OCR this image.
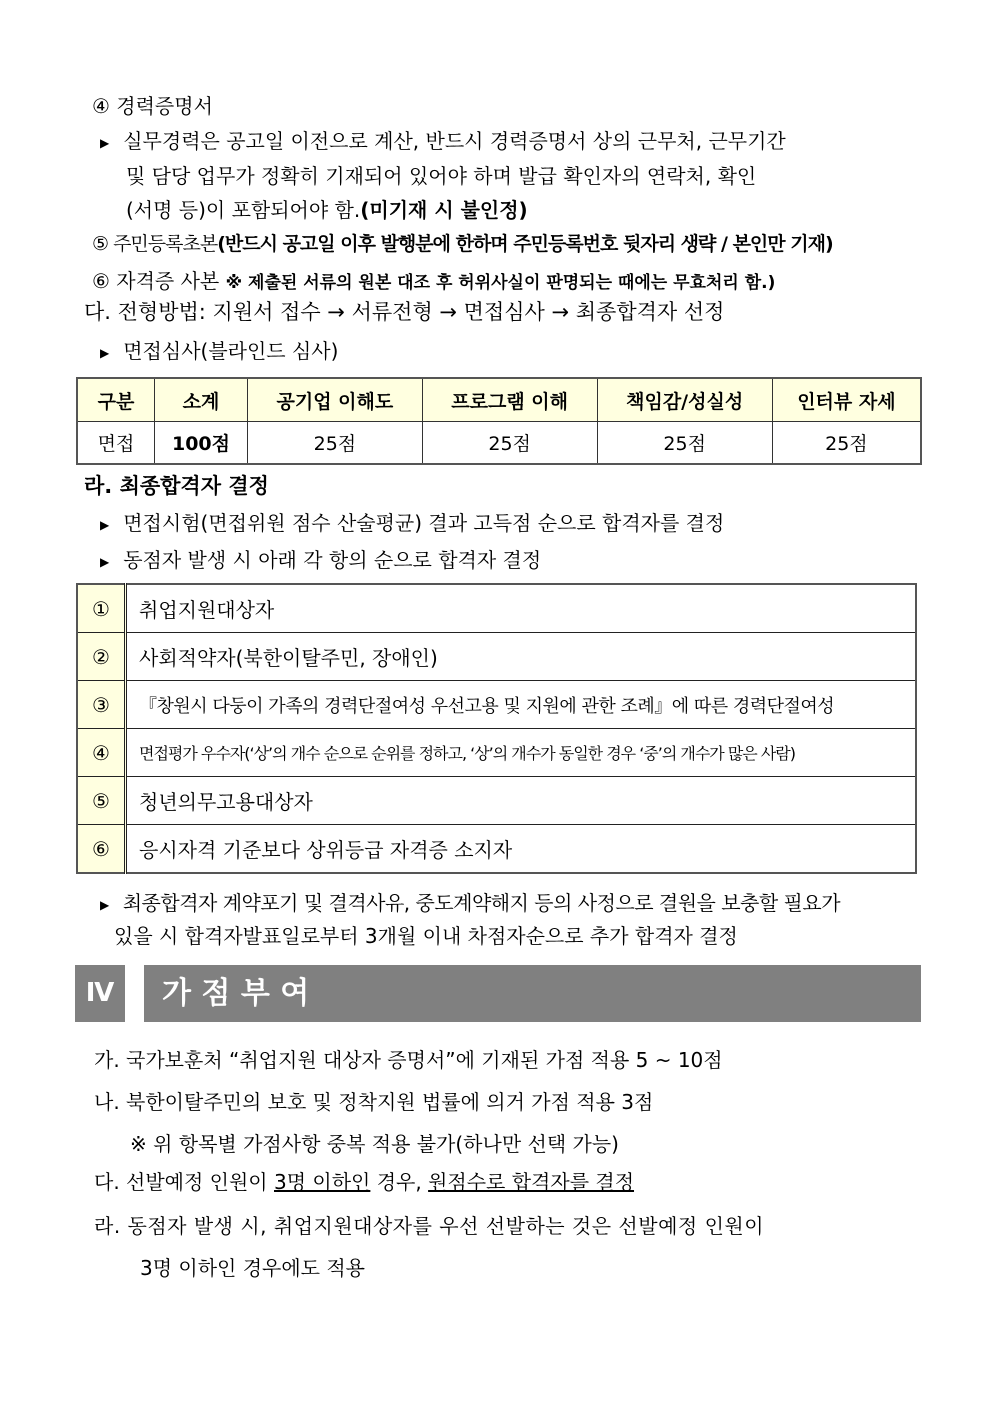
④ 경력증명서
▶ 실무경력은 공고일 이전으로 계산, 반드시 경력증명서 상의 근무처, 근무기간
및 담당 업무가 정확히 기재되어 있어야 하며 발급 확인자의 연락처, 확인
(서명 등)이 포함되어야 함.(미기재 시 불인정)
⑤ 주민등록초본(반드시 공고일 이후 발행분에 한하며 주민등록번호 뒷자리 생략 / 본인만 기재)
⑥ 자격증 사본 ※ 제출된 서류의 원본 대조 후 허위사실이 판명되는 때에는 무효처리 함.)
다. 전형방법: 지원서 접수 → 서류전형 → 면접심사 → 최종합격자 선정
▶ 면접심사(블라인드 심사)
구분	소계	공기업 이해도	프로그램 이해	책임감/성실성	인터뷰 자세
면접	100점	25점	25점	25점	25점
라. 최종합격자 결정
▶ 면접시험(면접위원 점수 산술평균) 결과 고득점 순으로 합격자를 결정
▶ 동점자 발생 시 아래 각 항의 순으로 합격자 결정
①	취업지원대상자
②	사회적약자(북한이탈주민, 장애인)
③	『창원시 다둥이 가족의 경력단절여성 우선고용 및 지원에 관한 조례』에 따른 경력단절여성
④	면접평가 우수자(‘상’의 개수 순으로 순위를 정하고, ‘상’의 개수가 동일한 경우 ‘중’의 개수가 많은 사람)
⑤	청년의무고용대상자
⑥	응시자격 기준보다 상위등급 자격증 소지자
▶ 최종합격자 계약포기 및 결격사유, 중도계약해지 등의 사정으로 결원을 보충할 필요가
있을 시 합격자발표일로부터 3개월 이내 차점자순으로 추가 합격자 결정
Ⅳ	가 점 부 여
가. 국가보훈처 “취업지원 대상자 증명서”에 기재된 가점 적용 5 ~ 10점
나. 북한이탈주민의 보호 및 정착지원 법률에 의거 가점 적용 3점
※ 위 항목별 가점사항 중복 적용 불가(하나만 선택 가능)
다. 선발예정 인원이 3명 이하인 경우, 원점수로 합격자를 결정
라. 동점자 발생 시, 취업지원대상자를 우선 선발하는 것은 선발예정 인원이
3명 이하인 경우에도 적용
